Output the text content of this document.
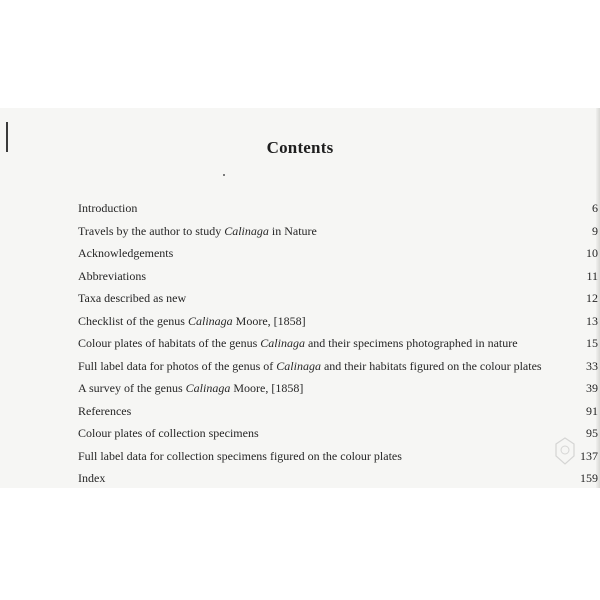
Contents
Introduction	6
Travels by the author to study Calinaga in Nature	9
Acknowledgements	10
Abbreviations	11
Taxa described as new	12
Checklist of the genus Calinaga Moore, [1858]	13
Colour plates of habitats of the genus Calinaga and their specimens photographed in nature	15
Full label data for photos of the genus of Calinaga and their habitats figured on the colour plates	33
A survey of the genus Calinaga Moore, [1858]	39
References	91
Colour plates of collection specimens	95
Full label data for collection specimens figured on the colour plates	137
Index	159
